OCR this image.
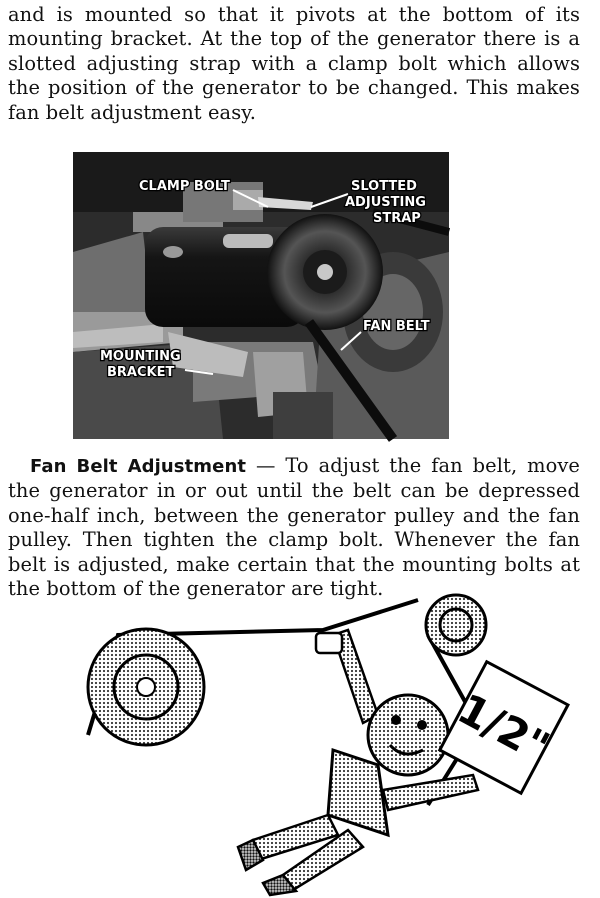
and is mounted so that it pivots at the bottom of its mounting bracket. At the top of the generator there is a slotted adjusting strap with a clamp bolt which allows the position of the generator to be changed. This makes fan belt adjustment easy.

CLAMP BOLT	SLOTTED
ADJUSTING
STRAP
FAN BELT
MOUNTING
BRACKET

Fan Belt Adjustment — To adjust the fan belt, move the generator in or out until the belt can be depressed one-half inch, between the generator pulley and the fan pulley. Then tighten the clamp bolt. Whenever the fan belt is adjusted, make certain that the mounting bolts at the bottom of the generator are tight.

1/2"
